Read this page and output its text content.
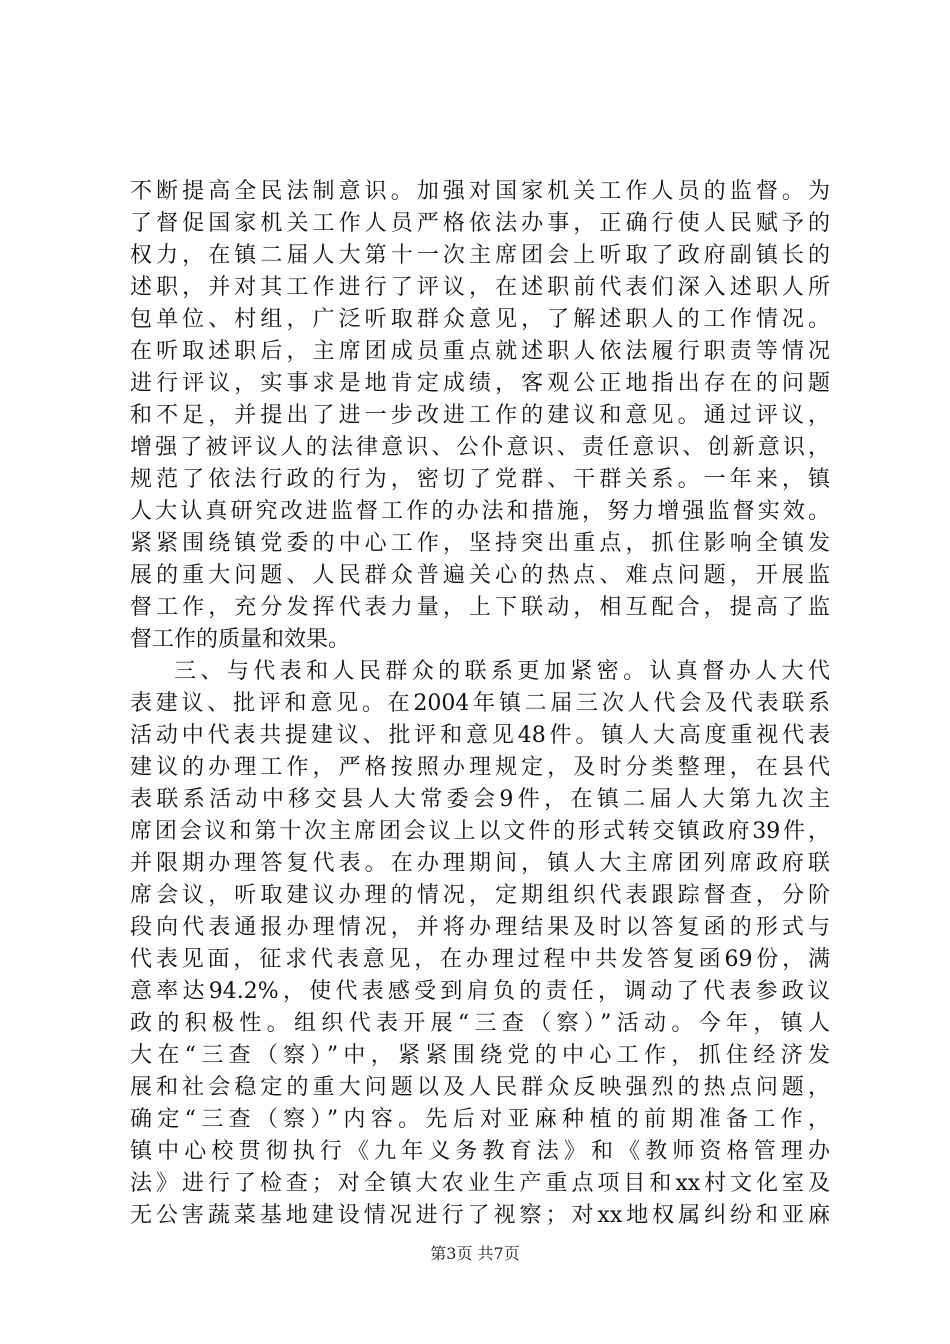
不断提高全民法制意识。加强对国家机关工作人员的监督。为
了督促国家机关工作人员严格依法办事，正确行使人民赋予的
权力，在镇二届人大第十一次主席团会上听取了政府副镇长的
述职，并对其工作进行了评议，在述职前代表们深入述职人所
包单位、村组，广泛听取群众意见，了解述职人的工作情况。
在听取述职后，主席团成员重点就述职人依法履行职责等情况
进行评议，实事求是地肯定成绩，客观公正地指出存在的问题
和不足，并提出了进一步改进工作的建议和意见。通过评议，
增强了被评议人的法律意识、公仆意识、责任意识、创新意识，
规范了依法行政的行为，密切了党群、干群关系。一年来，镇
人大认真研究改进监督工作的办法和措施，努力增强监督实效。
紧紧围绕镇党委的中心工作，坚持突出重点，抓住影响全镇发
展的重大问题、人民群众普遍关心的热点、难点问题，开展监
督工作，充分发挥代表力量，上下联动，相互配合，提高了监
督工作的质量和效果。
三、与代表和人民群众的联系更加紧密。认真督办人大代
表建议、批评和意见。在2004年镇二届三次人代会及代表联系
活动中代表共提建议、批评和意见48件。镇人大高度重视代表
建议的办理工作，严格按照办理规定，及时分类整理，在县代
表联系活动中移交县人大常委会9件，在镇二届人大第九次主
席团会议和第十次主席团会议上以文件的形式转交镇政府39件，
并限期办理答复代表。在办理期间，镇人大主席团列席政府联
席会议，听取建议办理的情况，定期组织代表跟踪督查，分阶
段向代表通报办理情况，并将办理结果及时以答复函的形式与
代表见面，征求代表意见，在办理过程中共发答复函69份，满
意率达94.2%，使代表感受到肩负的责任，调动了代表参政议
政的积极性。组织代表开展“三查（察）”活动。今年，镇人
大在“三查（察）”中，紧紧围绕党的中心工作，抓住经济发
展和社会稳定的重大问题以及人民群众反映强烈的热点问题，
确定“三查（察）”内容。先后对亚麻种植的前期准备工作，
镇中心校贯彻执行《九年义务教育法》和《教师资格管理办
法》进行了检查；对全镇大农业生产重点项目和xx村文化室及
无公害蔬菜基地建设情况进行了视察；对xx地权属纠纷和亚麻
第3页 共7页
